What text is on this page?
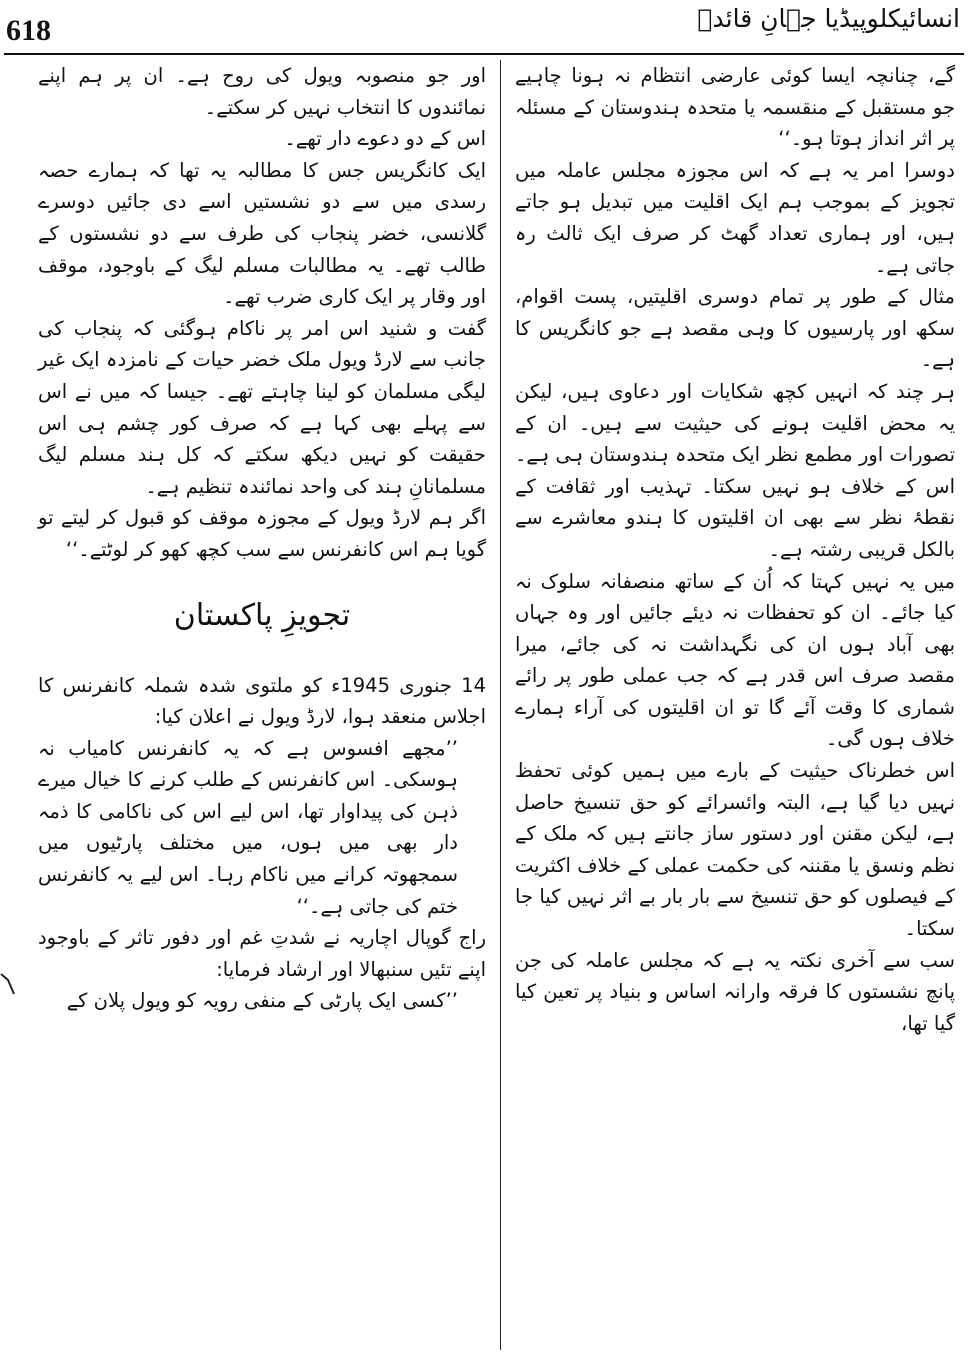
618	انسائیکلوپیڈیا جہانِ قائدؒ

گے، چنانچہ ایسا کوئی عارضی انتظام نہ ہونا چاہیے جو مستقبل کے منقسمہ یا متحدہ ہندوستان کے مسئلہ پر اثر انداز ہوتا ہو۔‘‘

دوسرا امر یہ ہے کہ اس مجوزہ مجلس عاملہ میں تجویز کے بموجب ہم ایک اقلیت میں تبدیل ہو جاتے ہیں، اور ہماری تعداد گھٹ کر صرف ایک ثالث رہ جاتی ہے۔

مثال کے طور پر تمام دوسری اقلیتیں، پست اقوام، سکھ اور پارسیوں کا وہی مقصد ہے جو کانگریس کا ہے۔

ہر چند کہ انہیں کچھ شکایات اور دعاوی ہیں، لیکن یہ محض اقلیت ہونے کی حیثیت سے ہیں۔ ان کے تصورات اور مطمع نظر ایک متحدہ ہندوستان ہی ہے۔ اس کے خلاف ہو نہیں سکتا۔ تہذیب اور ثقافت کے نقطۂ نظر سے بھی ان اقلیتوں کا ہندو معاشرے سے بالکل قریبی رشتہ ہے۔

میں یہ نہیں کہتا کہ اُن کے ساتھ منصفانہ سلوک نہ کیا جائے۔ ان کو تحفظات نہ دیئے جائیں اور وہ جہاں بھی آباد ہوں ان کی نگہداشت نہ کی جائے، میرا مقصد صرف اس قدر ہے کہ جب عملی طور پر رائے شماری کا وقت آئے گا تو ان اقلیتوں کی آراء ہمارے خلاف ہوں گی۔

اس خطرناک حیثیت کے بارے میں ہمیں کوئی تحفظ نہیں دیا گیا ہے، البتہ وائسرائے کو حق تنسیخ حاصل ہے، لیکن مقنن اور دستور ساز جانتے ہیں کہ ملک کے نظم ونسق یا مقننہ کی حکمت عملی کے خلاف اکثریت کے فیصلوں کو حق تنسیخ سے بار بار بے اثر نہیں کیا جا سکتا۔

سب سے آخری نکتہ یہ ہے کہ مجلس عاملہ کی جن پانچ نشستوں کا فرقہ وارانہ اساس و بنیاد پر تعین کیا گیا تھا،

اور جو منصوبہ ویول کی روح ہے۔ ان پر ہم اپنے نمائندوں کا انتخاب نہیں کر سکتے۔

اس کے دو دعوے دار تھے۔

ایک کانگریس جس کا مطالبہ یہ تھا کہ ہمارے حصہ رسدی میں سے دو نشستیں اسے دی جائیں دوسرے گلانسی، خضر پنجاب کی طرف سے دو نشستوں کے طالب تھے۔ یہ مطالبات مسلم لیگ کے باوجود، موقف اور وقار پر ایک کاری ضرب تھے۔

گفت و شنید اس امر پر ناکام ہوگئی کہ پنجاب کی جانب سے لارڈ ویول ملک خضر حیات کے نامزدہ ایک غیر لیگی مسلمان کو لینا چاہتے تھے۔ جیسا کہ میں نے اس سے پہلے بھی کہا ہے کہ صرف کور چشم ہی اس حقیقت کو نہیں دیکھ سکتے کہ کل ہند مسلم لیگ مسلمانانِ ہند کی واحد نمائندہ تنظیم ہے۔

اگر ہم لارڈ ویول کے مجوزہ موقف کو قبول کر لیتے تو گویا ہم اس کانفرنس سے سب کچھ کھو کر لوٹتے۔‘‘

تجویزِ پاکستان

14 جنوری 1945ء کو ملتوی شدہ شملہ کانفرنس کا اجلاس منعقد ہوا، لارڈ ویول نے اعلان کیا:

’’مجھے افسوس ہے کہ یہ کانفرنس کامیاب نہ ہوسکی۔ اس کانفرنس کے طلب کرنے کا خیال میرے ذہن کی پیداوار تھا، اس لیے اس کی ناکامی کا ذمہ دار بھی میں ہوں، میں مختلف پارٹیوں میں سمجھوتہ کرانے میں ناکام رہا۔ اس لیے یہ کانفرنس ختم کی جاتی ہے۔‘‘

راج گوپال اچاریہ نے شدتِ غم اور دفور تاثر کے باوجود اپنے تئیں سنبھالا اور ارشاد فرمایا:

’’کسی ایک پارٹی کے منفی رویہ کو ویول پلان کے
